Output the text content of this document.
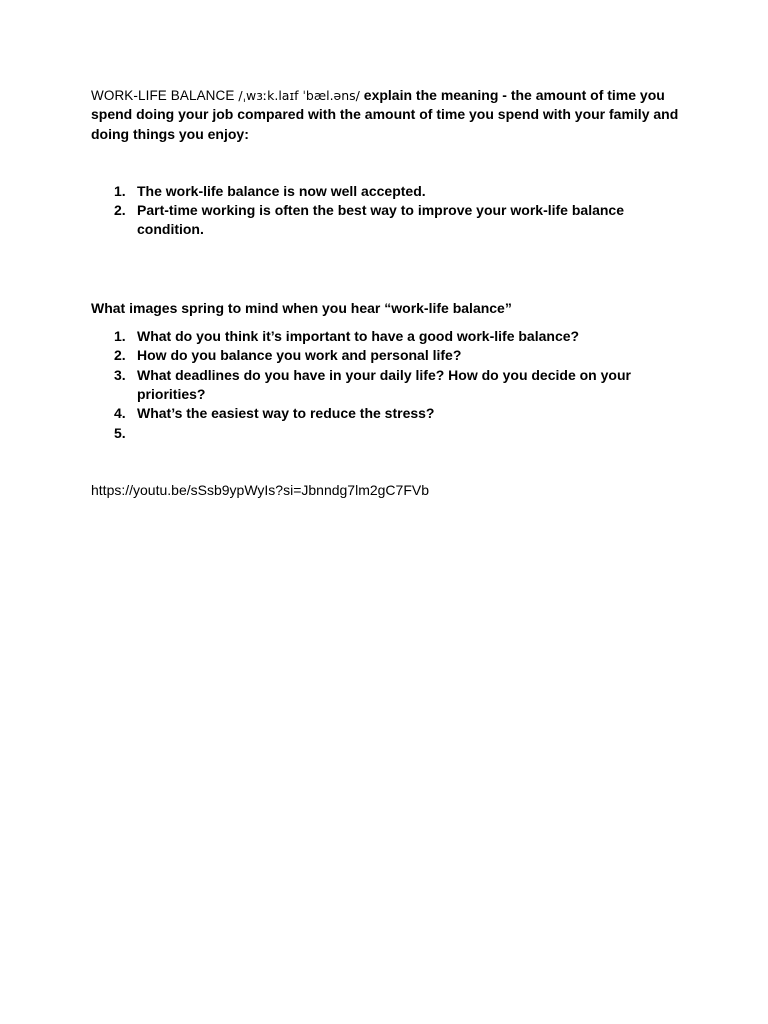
WORK-LIFE BALANCE /ˌwɜːk.laɪf ˈbæl.əns/ explain the meaning - the amount of time you spend doing your job compared with the amount of time you spend with your family and doing things you enjoy:

1. The work-life balance is now well accepted.
2. Part-time working is often the best way to improve your work-life balance condition.

What images spring to mind when you hear “work-life balance”

1. What do you think it’s important to have a good work-life balance?
2. How do you balance you work and personal life?
3. What deadlines do you have in your daily life? How do you decide on your priorities?
4. What’s the easiest way to reduce the stress?
5.

https://youtu.be/sSsb9ypWyIs?si=Jbnndg7lm2gC7FVb
